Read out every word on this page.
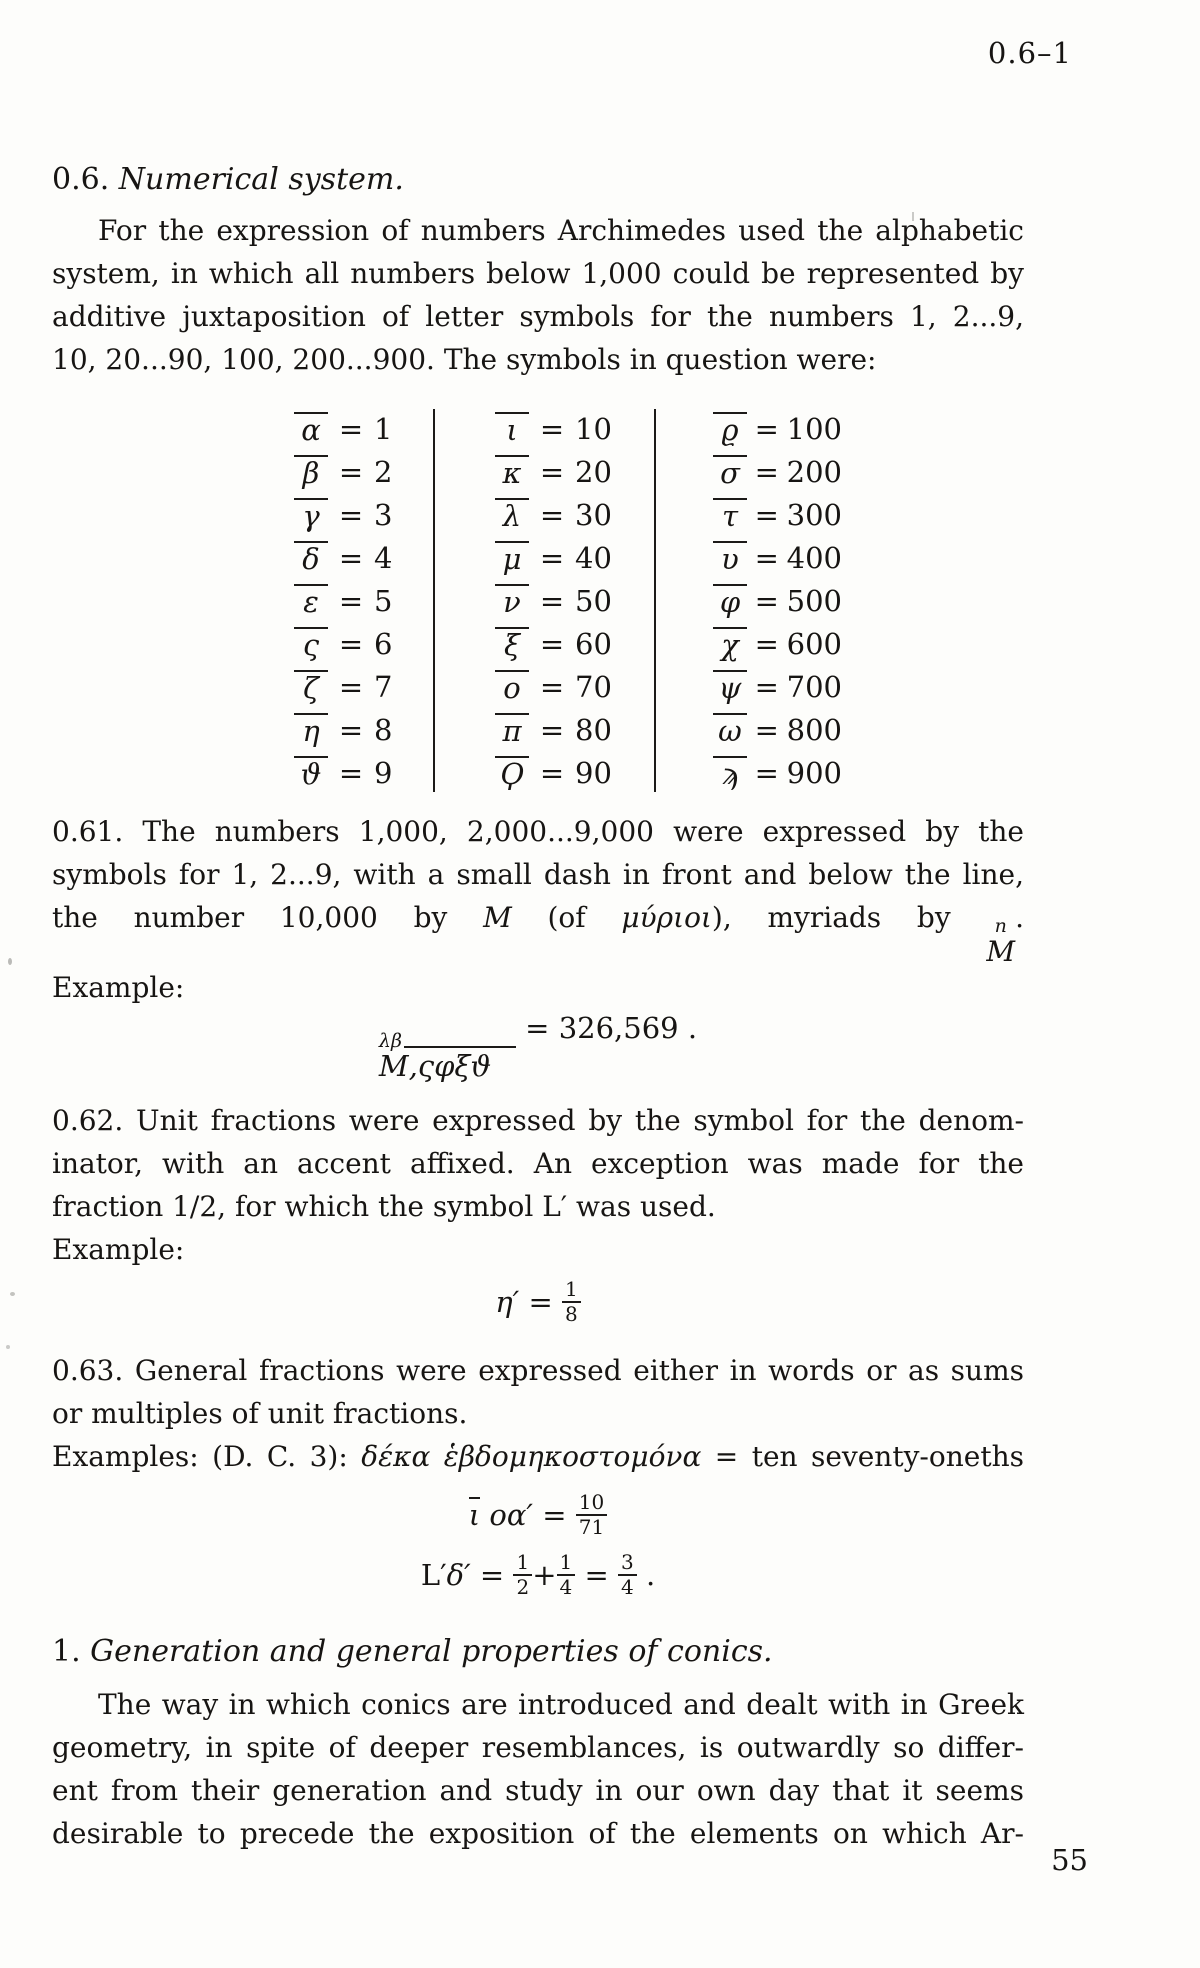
0.6–1
0.6. Numerical system.
For the expression of numbers Archimedes used the alphabetic
system, in which all numbers below 1,000 could be represented by
additive juxtaposition of letter symbols for the numbers 1, 2...9,
10, 20...90, 100, 200...900. The symbols in question were:
α = 1	ι = 10	ϱ = 100
β = 2	κ = 20	σ = 200
γ = 3	λ = 30	τ = 300
δ = 4	μ = 40	υ = 400
ε = 5	ν = 50	φ = 500
ς = 6	ξ = 60	χ = 600
ζ = 7	ο = 70	ψ = 700
η = 8	π = 80	ω = 800
ϑ = 9	Ϙ = 90	ϡ = 900
0.61. The numbers 1,000, 2,000...9,000 were expressed by the
symbols for 1, 2...9, with a small dash in front and below the line,
the number 10,000 by M (of μύριοι), myriads by n
M
.
Example:
λβ
M,ςφξϑ
= 326,569 .
0.62. Unit fractions were expressed by the symbol for the denom-
inator, with an accent affixed. An exception was made for the
fraction 1/2, for which the symbol L′ was used.
Example:
$\eta' = \frac{1}{8}$
0.63. General fractions were expressed either in words or as sums
or multiples of unit fractions.
Examples: (D. C. 3): δέκα ἑβδομηκοστομόνα = ten seventy-oneths
ι $o\alpha' = \frac{10}{71}$
$L'\delta' = \frac{1}{2} + \frac{1}{4} = \frac{3}{4}$ .
1. Generation and general properties of conics.
The way in which conics are introduced and dealt with in Greek
geometry, in spite of deeper resemblances, is outwardly so differ-
ent from their generation and study in our own day that it seems
desirable to precede the exposition of the elements on which Ar-
55
